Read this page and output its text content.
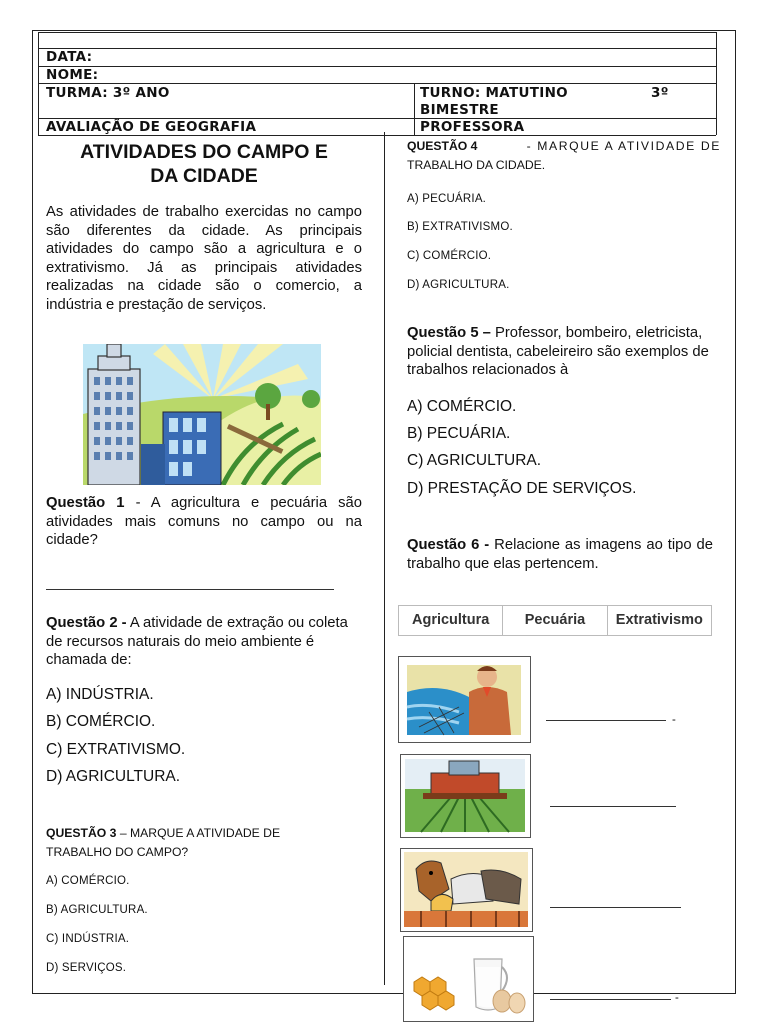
DATA:
NOME:
TURMA: 3º ANO	TURNO: MATUTINO	3º
BIMESTRE
AVALIAÇÃO DE GEOGRAFIA	PROFESSORA
ATIVIDADES DO CAMPO E
DA CIDADE
As atividades de trabalho exercidas no campo são diferentes da cidade. As principais atividades do campo são a agricultura e o extrativismo. Já as principais atividades realizadas na cidade são o comercio, a indústria e prestação de serviços.
Questão 1 - A agricultura e pecuária são atividades mais comuns no campo ou na cidade?
Questão 2 - A atividade de extração ou coleta de recursos naturais do meio ambiente é chamada de:
A) INDÚSTRIA.
B) COMÉRCIO.
C) EXTRATIVISMO.
D) AGRICULTURA.
QUESTÃO 3 – MARQUE A ATIVIDADE DE
TRABALHO DO CAMPO?
A) COMÉRCIO.
B) AGRICULTURA.
C) INDÚSTRIA.
D) SERVIÇOS.
QUESTÃO 4	- MARQUE A ATIVIDADE DE
TRABALHO DA CIDADE.
A) PECUÁRIA.
B) EXTRATIVISMO.
C) COMÉRCIO.
D) AGRICULTURA.
Questão 5 – Professor, bombeiro, eletricista, policial dentista, cabeleireiro são exemplos de trabalhos relacionados à
A) COMÉRCIO.
B) PECUÁRIA.
C) AGRICULTURA.
D) PRESTAÇÃO DE SERVIÇOS.
Questão 6 - Relacione as imagens ao tipo de trabalho que elas pertencem.
Agricultura	Pecuária	Extrativismo
-
-
